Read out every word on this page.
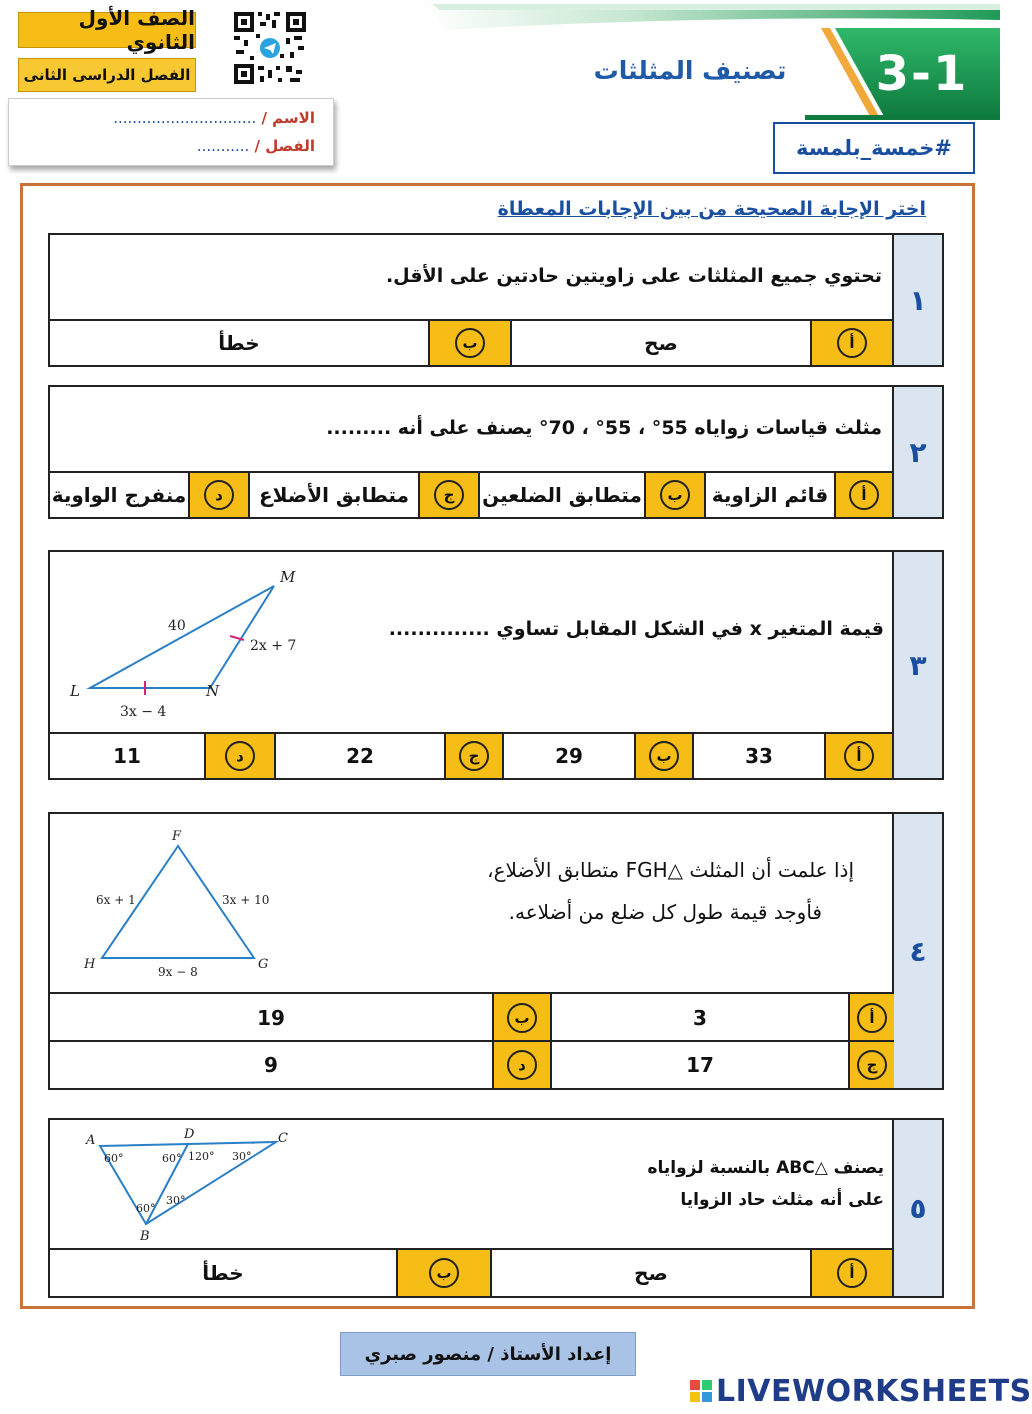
الصف الأول الثانوي
الفصل الدراسى الثانى
الاسم / ..............................
الفصل / ...........
3-1
تصنيف المثلثات
#خمسة_بلمسة
اختر الإجابة الصحيحة من بين الإجابات المعطاة
١
تحتوي جميع المثلثات على زاويتين حادتين على الأقل.
أ
صح
ب
خطأ
٢
مثلث قياسات زواياه 55° ، 55° ، 70° يصنف على أنه .........
أ
قائم الزاوية
ب
متطابق الضلعين
ج
متطابق الأضلاع
د
منفرج الواوية
٣
قيمة المتغير x في الشكل المقابل تساوي ..............
M
L	N
40
2x + 7
3x − 4
أ
33
ب
29
ج
22
د
11
٤
إذا علمت أن المثلث △FGH متطابق الأضلاع،
فأوجد قيمة طول كل ضلع من أضلاعه.
F
H	G
6x + 1	3x + 10
9x − 8
أ
3
ب
19
ج
17
د
9
٥
يصنف △ABC بالنسبة لزواياه
على أنه مثلث حاد الزوايا
A	D	C
B
60°	60° 120° 30°
60°
30°
أ
صح
ب
خطأ
إعداد الأستاذ / منصور صبري
LIVEWORKSHEETS
